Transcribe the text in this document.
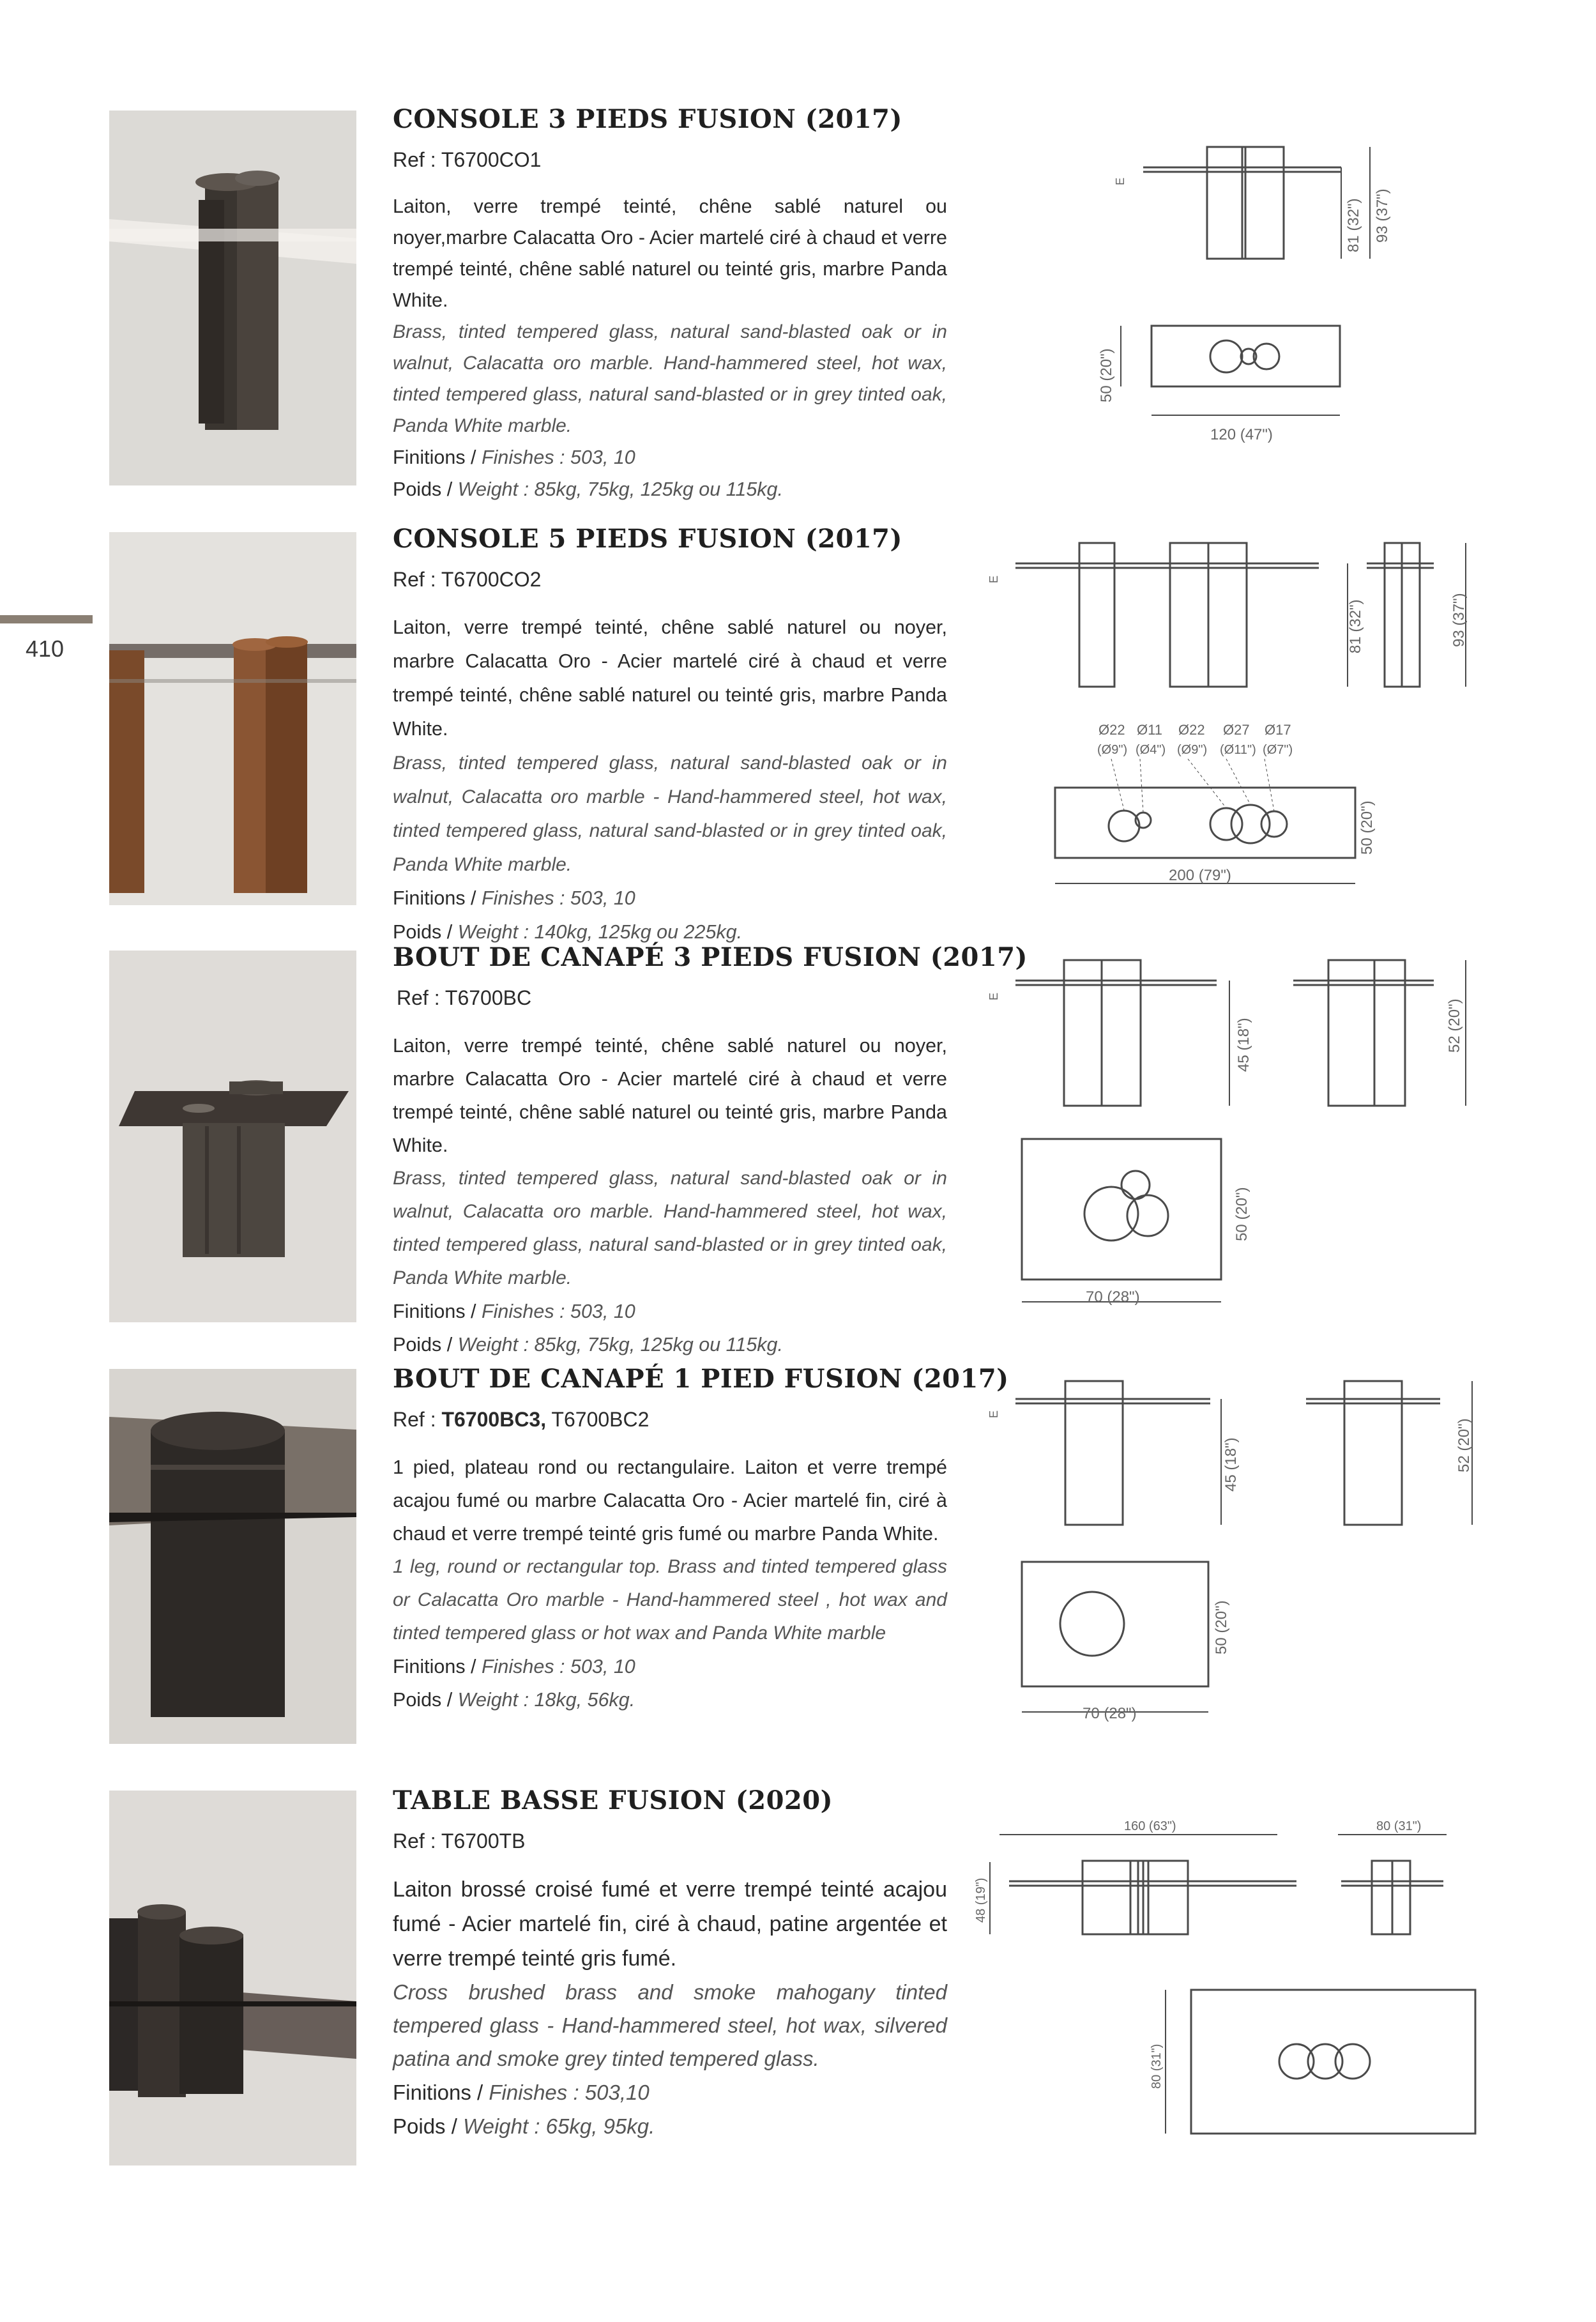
410
CONSOLE 3 PIEDS FUSION (2017)

Ref : T6700CO1

Laiton, verre trempé teinté, chêne sablé naturel ou noyer,marbre Calacatta Oro - Acier martelé ciré à chaud et verre trempé teinté, chêne sablé naturel ou teinté gris, marbre Panda White.

Brass, tinted tempered glass, natural sand-blasted oak or in walnut, Calacatta oro marble. Hand-hammered steel, hot wax, tinted tempered glass, natural sand-blasted or in grey tinted oak, Panda White marble.

Finitions / Finishes : 503, 10

Poids / Weight : 85kg, 75kg, 125kg ou 115kg.

E
81 (32") 93 (37")
50 (20")
120 (47")
CONSOLE 5 PIEDS FUSION (2017)

Ref : T6700CO2

Laiton, verre trempé teinté, chêne sablé naturel ou noyer, marbre Calacatta Oro - Acier martelé ciré à chaud et verre trempé teinté, chêne sablé naturel ou teinté gris, marbre Panda White.

Brass, tinted tempered glass, natural sand-blasted oak or in walnut, Calacatta oro marble - Hand-hammered steel, hot wax, tinted tempered glass, natural sand-blasted or in grey tinted oak, Panda White marble.

Finitions / Finishes : 503, 10

Poids / Weight : 140kg, 125kg ou 225kg.

E
81 (32")	93 (37")
Ø22
(Ø9")
Ø11
(Ø4")
Ø22
(Ø9")
Ø27
(Ø11")
Ø17
(Ø7")
50 (20")
200 (79")
BOUT DE CANAPÉ 3 PIEDS FUSION (2017)

Ref : T6700BC

Laiton, verre trempé teinté, chêne sablé naturel ou noyer, marbre Calacatta Oro - Acier martelé ciré à chaud et verre trempé teinté, chêne sablé naturel ou teinté gris, marbre Panda White.

Brass, tinted tempered glass, natural sand-blasted oak or in walnut, Calacatta oro marble. Hand-hammered steel, hot wax, tinted tempered glass, natural sand-blasted or in grey tinted oak, Panda White marble.

Finitions / Finishes : 503, 10

Poids / Weight : 85kg, 75kg, 125kg ou 115kg.

E
45 (18")	52 (20")
50 (20")
70 (28")
BOUT DE CANAPÉ 1 PIED FUSION (2017)

Ref : T6700BC3, T6700BC2

1 pied, plateau rond ou rectangulaire. Laiton et verre trempé acajou fumé ou marbre Calacatta Oro - Acier martelé fin, ciré à chaud et verre trempé teinté gris fumé ou marbre Panda White.

1 leg, round or rectangular top. Brass and tinted tempered glass or Calacatta Oro marble - Hand-hammered steel , hot wax and tinted tempered glass or hot wax and Panda White marble

Finitions / Finishes : 503, 10

Poids / Weight : 18kg, 56kg.

E
45 (18")	52 (20")
50 (20")
70 (28")
TABLE BASSE FUSION (2020)

Ref : T6700TB

Laiton brossé croisé fumé et verre trempé teinté acajou fumé - Acier martelé fin, ciré à chaud, patine argentée et verre trempé teinté gris fumé.

Cross brushed brass and smoke mahogany tinted tempered glass - Hand-hammered steel, hot wax, silvered patina and smoke grey tinted tempered glass.

Finitions / Finishes : 503,10

Poids / Weight : 65kg, 95kg.

160 (63")	80 (31")
48 (19")
80 (31")
